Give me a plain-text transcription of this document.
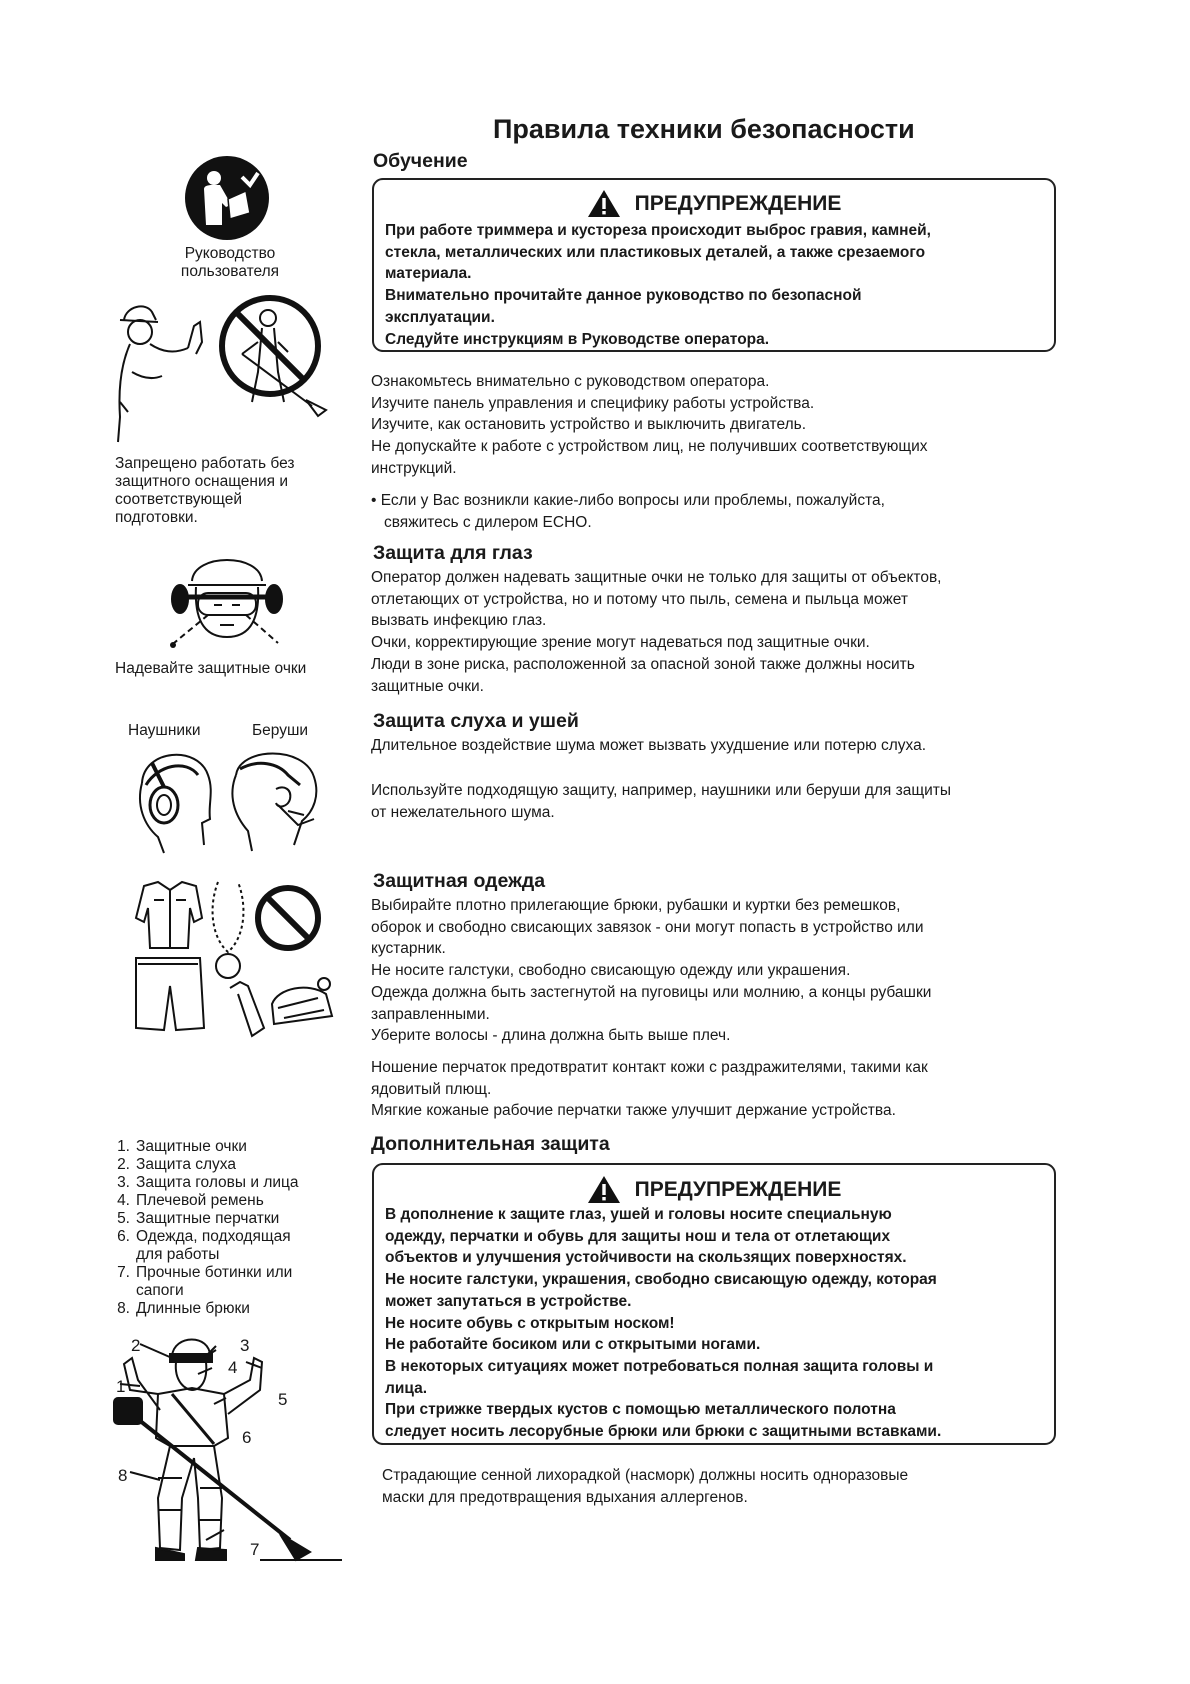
Правила техники безопасности
Обучение
ПРЕДУПРЕЖДЕНИЕ
При работе триммера и кустореза происходит выброс гравия, камней,
стекла, металлических или пластиковых деталей, а также срезаемого
материала.
Внимательно прочитайте данное руководство по безопасной
эксплуатации.
Следуйте инструкциям в Руководстве оператора.
Ознакомьтесь внимательно с руководством оператора.
Изучите панель управления и специфику работы устройства.
Изучите, как остановить устройство и выключить двигатель.
Не допускайте к работе с устройством лиц, не получивших соответствующих
инструкций.
• Если у Вас возникли какие-либо вопросы или проблемы, пожалуйста,
свяжитесь с дилером ECHO.
Защита для глаз
Оператор должен надевать защитные очки не только для защиты от объектов,
отлетающих от устройства, но и потому что пыль, семена и пыльца может
вызвать инфекцию глаз.
Очки, корректирующие зрение могут надеваться под защитные очки.
Люди в зоне риска, расположенной за опасной зоной также должны носить
защитные очки.
Защита слуха и ушей
Длительное воздействие шума может вызвать ухудшение или потерю слуха.
Используйте подходящую защиту, например, наушники или беруши для защиты
от нежелательного шума.
Защитная одежда
Выбирайте плотно прилегающие брюки, рубашки и куртки без ремешков,
оборок и свободно свисающих завязок - они могут попасть в устройство или
кустарник.
Не носите галстуки, свободно свисающую одежду или украшения.
Одежда должна быть застегнутой на пуговицы или молнию, а концы рубашки
заправленными.
Уберите волосы - длина должна быть выше плеч.
Ношение перчаток предотвратит контакт кожи с раздражителями, такими как
ядовитый плющ.
Мягкие кожаные рабочие перчатки также улучшит держание устройства.
Дополнительная защита
ПРЕДУПРЕЖДЕНИЕ
В дополнение к защите глаз, ушей и головы носите специальную
одежду, перчатки и обувь для защиты нош и тела от отлетающих
объектов и улучшения устойчивости на скользящих поверхностях.
Не носите галстуки, украшения, свободно свисающую одежду, которая
может запутаться в устройстве.
Не носите обувь с открытым носком!
Не работайте босиком или с открытыми ногами.
В некоторых ситуациях может потребоваться полная защита головы и
лица.
При стрижке твердых кустов с помощью металлического полотна
следует носить лесорубные брюки или брюки с защитными вставками.
Страдающие сенной лихорадкой (насморк) должны носить одноразовые
маски для предотвращения вдыхания аллергенов.
Руководство
пользователя
Запрещено работать без
защитного оснащения и
соответствующей
подготовки.
Надевайте защитные очки
Наушники	Беруши
1. Защитные очки
2. Защита слуха
3. Защита головы и лица
4. Плечевой ремень
5. Защитные перчатки
6. Одежда, подходящая
для работы
7. Прочные ботинки или
сапоги
8. Длинные брюки
1
2	3
4
5
6
7
8
